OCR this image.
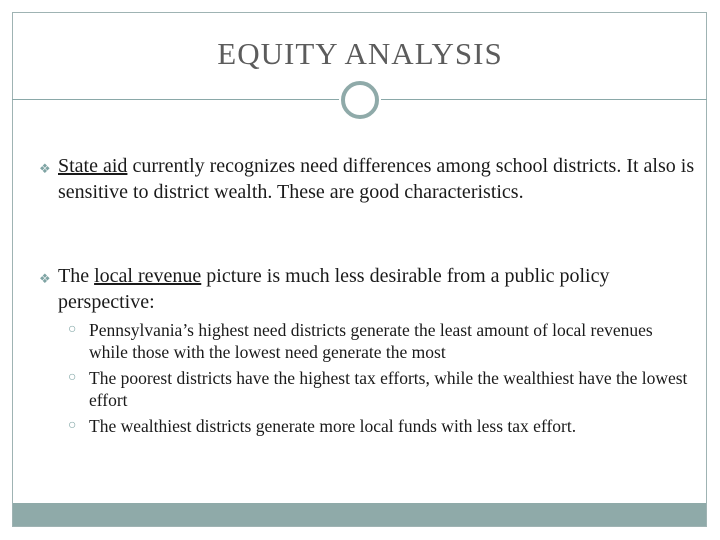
EQUITY ANALYSIS
❖ State aid currently recognizes need differences among school districts. It also is sensitive to district wealth. These are good characteristics.
❖ The local revenue picture is much less desirable from a public policy perspective:
○ Pennsylvania’s highest need districts generate the least amount of local revenues while those with the lowest need generate the most
○ The poorest districts have the highest tax efforts, while the wealthiest have the lowest effort
○ The wealthiest districts generate more local funds with less tax effort.
